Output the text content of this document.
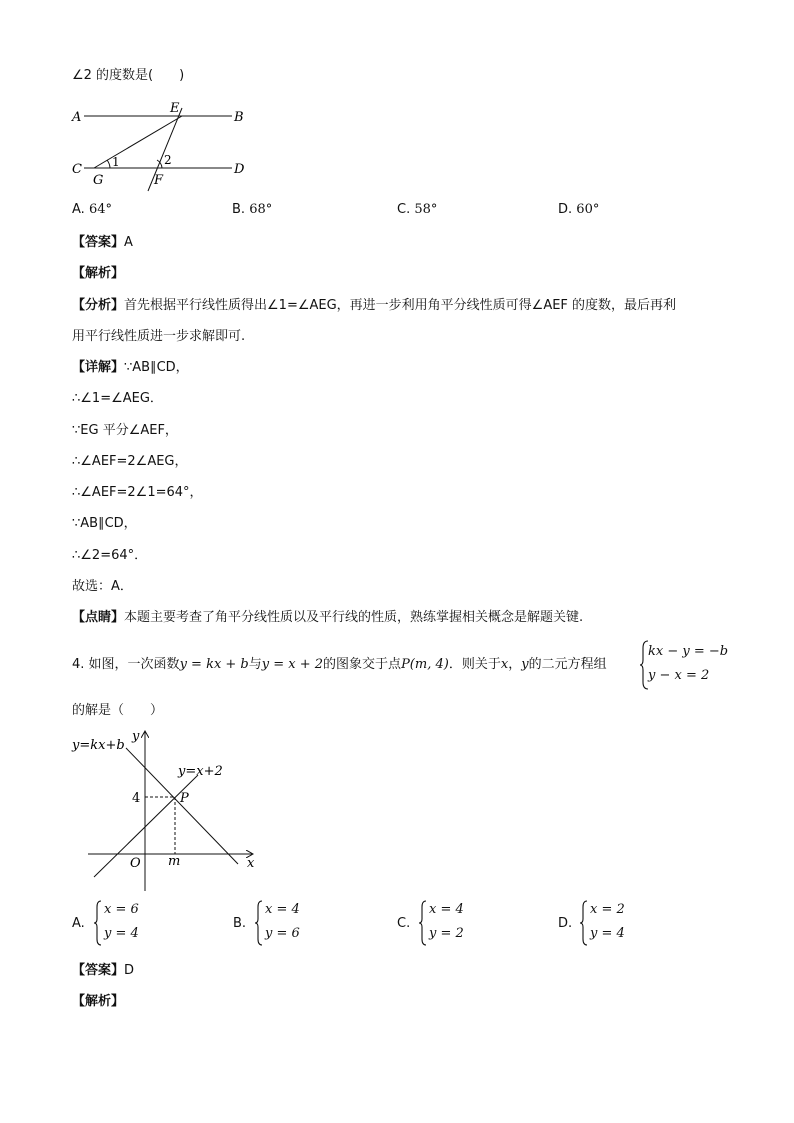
∠2 的度数是(　　)
A	B
C	D
E
F
G
1	2
A. 64°	B. 68°	C. 58°	D. 60°
【答案】A
【解析】
【分析】首先根据平行线性质得出∠1=∠AEG，再进一步利用角平分线性质可得∠AEF 的度数，最后再利
用平行线性质进一步求解即可.
【详解】∵AB∥CD，
∴∠1=∠AEG．
∵EG 平分∠AEF，
∴∠AEF=2∠AEG，
∴∠AEF=2∠1=64°，
∵AB∥CD，
∴∠2=64°．
故选：A．
【点睛】本题主要考查了角平分线性质以及平行线的性质，熟练掌握相关概念是解题关键.
4. 如图，一次函数y = kx + b与y = x + 2的图象交于点P(m, 4)．则关于x，y的二元方程组
kx − y = −b
y − x = 2
的解是（　　）
y=kx+b
y=x+2
y
x
O m
4	P
A.
x = 6
y = 4
B.
x = 4
y = 6
C.
x = 4
y = 2
D.
x = 2
y = 4
【答案】D
【解析】
